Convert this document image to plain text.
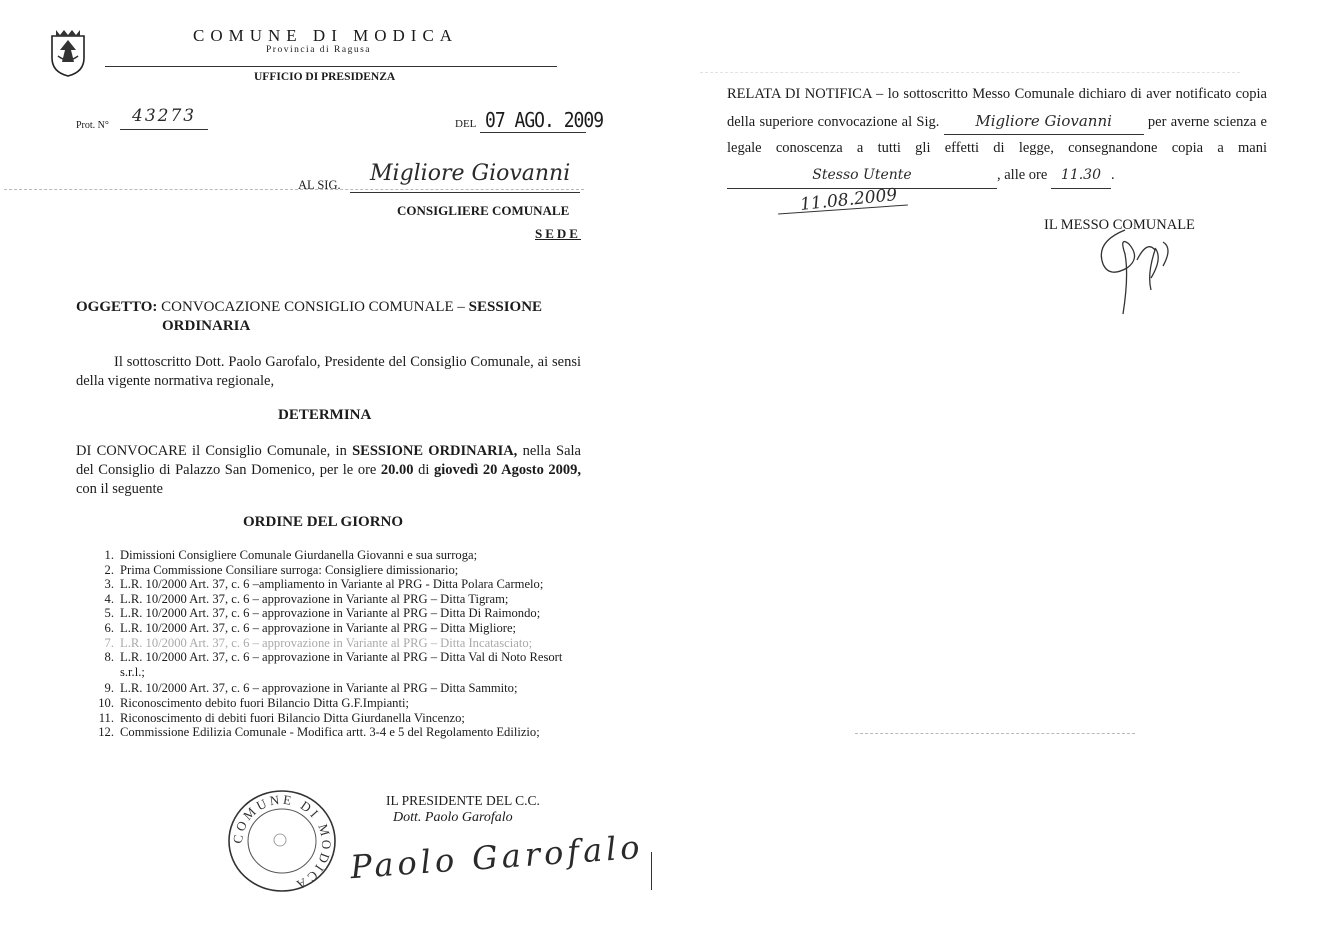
COMUNE DI MODICA
Provincia di Ragusa
UFFICIO DI PRESIDENZA
Prot. N° 43273	DEL 07 AGO. 2009
AL SIG. Migliore Giovanni
CONSIGLIERE COMUNALE
SEDE
OGGETTO: CONVOCAZIONE CONSIGLIO COMUNALE – SESSIONE
ORDINARIA
Il sottoscritto Dott. Paolo Garofalo, Presidente del Consiglio Comunale, ai sensi della vigente normativa regionale,
DETERMINA
DI CONVOCARE il Consiglio Comunale, in SESSIONE ORDINARIA, nella Sala del Consiglio di Palazzo San Domenico, per le ore 20.00 di giovedì 20 Agosto 2009, con il seguente
ORDINE DEL GIORNO
1. Dimissioni Consigliere Comunale Giurdanella Giovanni e sua surroga;
2. Prima Commissione Consiliare surroga: Consigliere dimissionario;
3. L.R. 10/2000 Art. 37, c. 6 –ampliamento in Variante al PRG - Ditta Polara Carmelo;
4. L.R. 10/2000 Art. 37, c. 6 – approvazione in Variante al PRG – Ditta Tigram;
5. L.R. 10/2000 Art. 37, c. 6 – approvazione in Variante al PRG – Ditta Di Raimondo;
6. L.R. 10/2000 Art. 37, c. 6 – approvazione in Variante al PRG – Ditta Migliore;
7. L.R. 10/2000 Art. 37, c. 6 – approvazione in Variante al PRG – Ditta Incatasciato;
8. L.R. 10/2000 Art. 37, c. 6 – approvazione in Variante al PRG – Ditta Val di Noto Resort s.r.l.;
9. L.R. 10/2000 Art. 37, c. 6 – approvazione in Variante al PRG – Ditta Sammito;
10. Riconoscimento debito fuori Bilancio Ditta G.F.Impianti;
11. Riconoscimento di debiti fuori Bilancio Ditta Giurdanella Vincenzo;
12. Commissione Edilizia Comunale - Modifica artt. 3-4 e 5 del Regolamento Edilizio;
IL PRESIDENTE DEL C.C.
Dott. Paolo Garofalo
COMUNE DI MODICA	Paolo Garofalo
RELATA DI NOTIFICA – lo sottoscritto Messo Comunale dichiaro di aver notificato copia della superiore convocazione al Sig. Migliore Giovanni per averne scienza e legale conoscenza a tutti gli effetti di legge, consegnandone copia a mani Stesso Utente	, alle ore 11.30 .
11.08.2009
IL MESSO COMUNALE
